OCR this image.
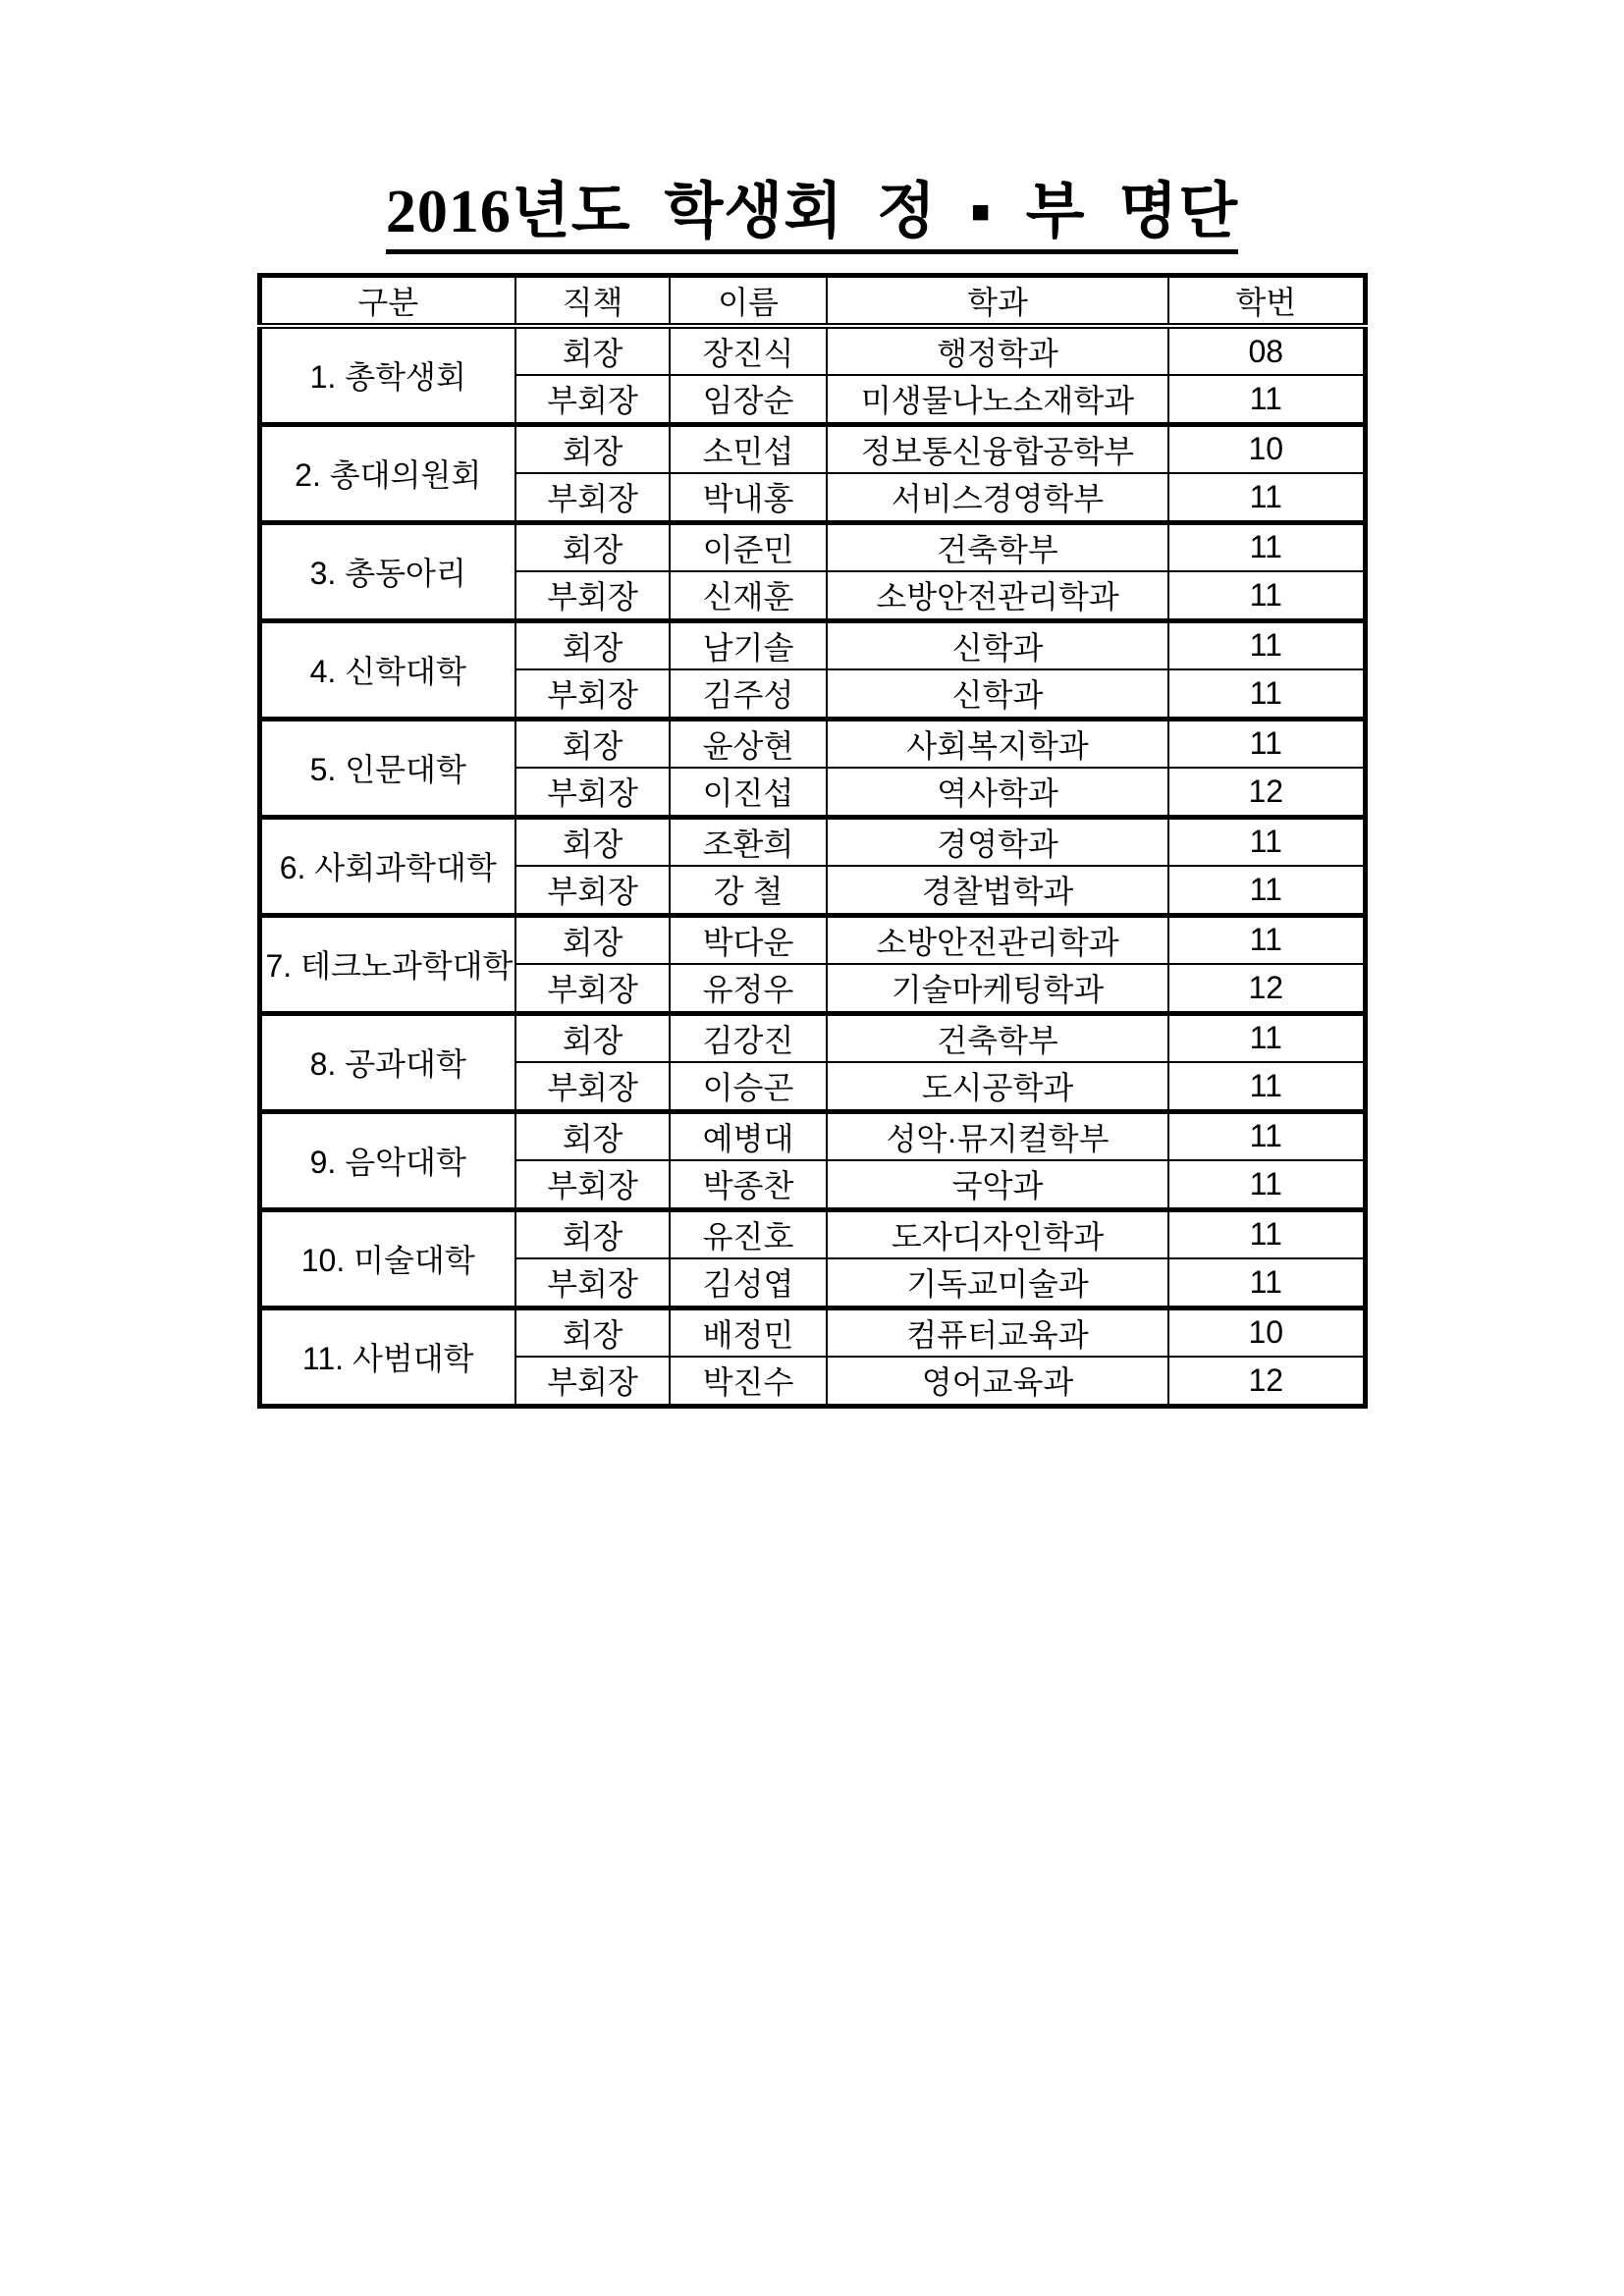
2016년도 학생회 정 ▪ 부 명단
구분	직책	이름	학과	학번
1. 총학생회	회장	장진식	행정학과	08
	부회장	임장순	미생물나노소재학과	11
2. 총대의원회	회장	소민섭	정보통신융합공학부	10
	부회장	박내홍	서비스경영학부	11
3. 총동아리	회장	이준민	건축학부	11
	부회장	신재훈	소방안전관리학과	11
4. 신학대학	회장	남기솔	신학과	11
	부회장	김주성	신학과	11
5. 인문대학	회장	윤상현	사회복지학과	11
	부회장	이진섭	역사학과	12
6. 사회과학대학	회장	조환희	경영학과	11
	부회장	강 철	경찰법학과	11
7. 테크노과학대학	회장	박다운	소방안전관리학과	11
	부회장	유정우	기술마케팅학과	12
8. 공과대학	회장	김강진	건축학부	11
	부회장	이승곤	도시공학과	11
9. 음악대학	회장	예병대	성악·뮤지컬학부	11
	부회장	박종찬	국악과	11
10. 미술대학	회장	유진호	도자디자인학과	11
	부회장	김성엽	기독교미술과	11
11. 사범대학	회장	배정민	컴퓨터교육과	10
	부회장	박진수	영어교육과	12
